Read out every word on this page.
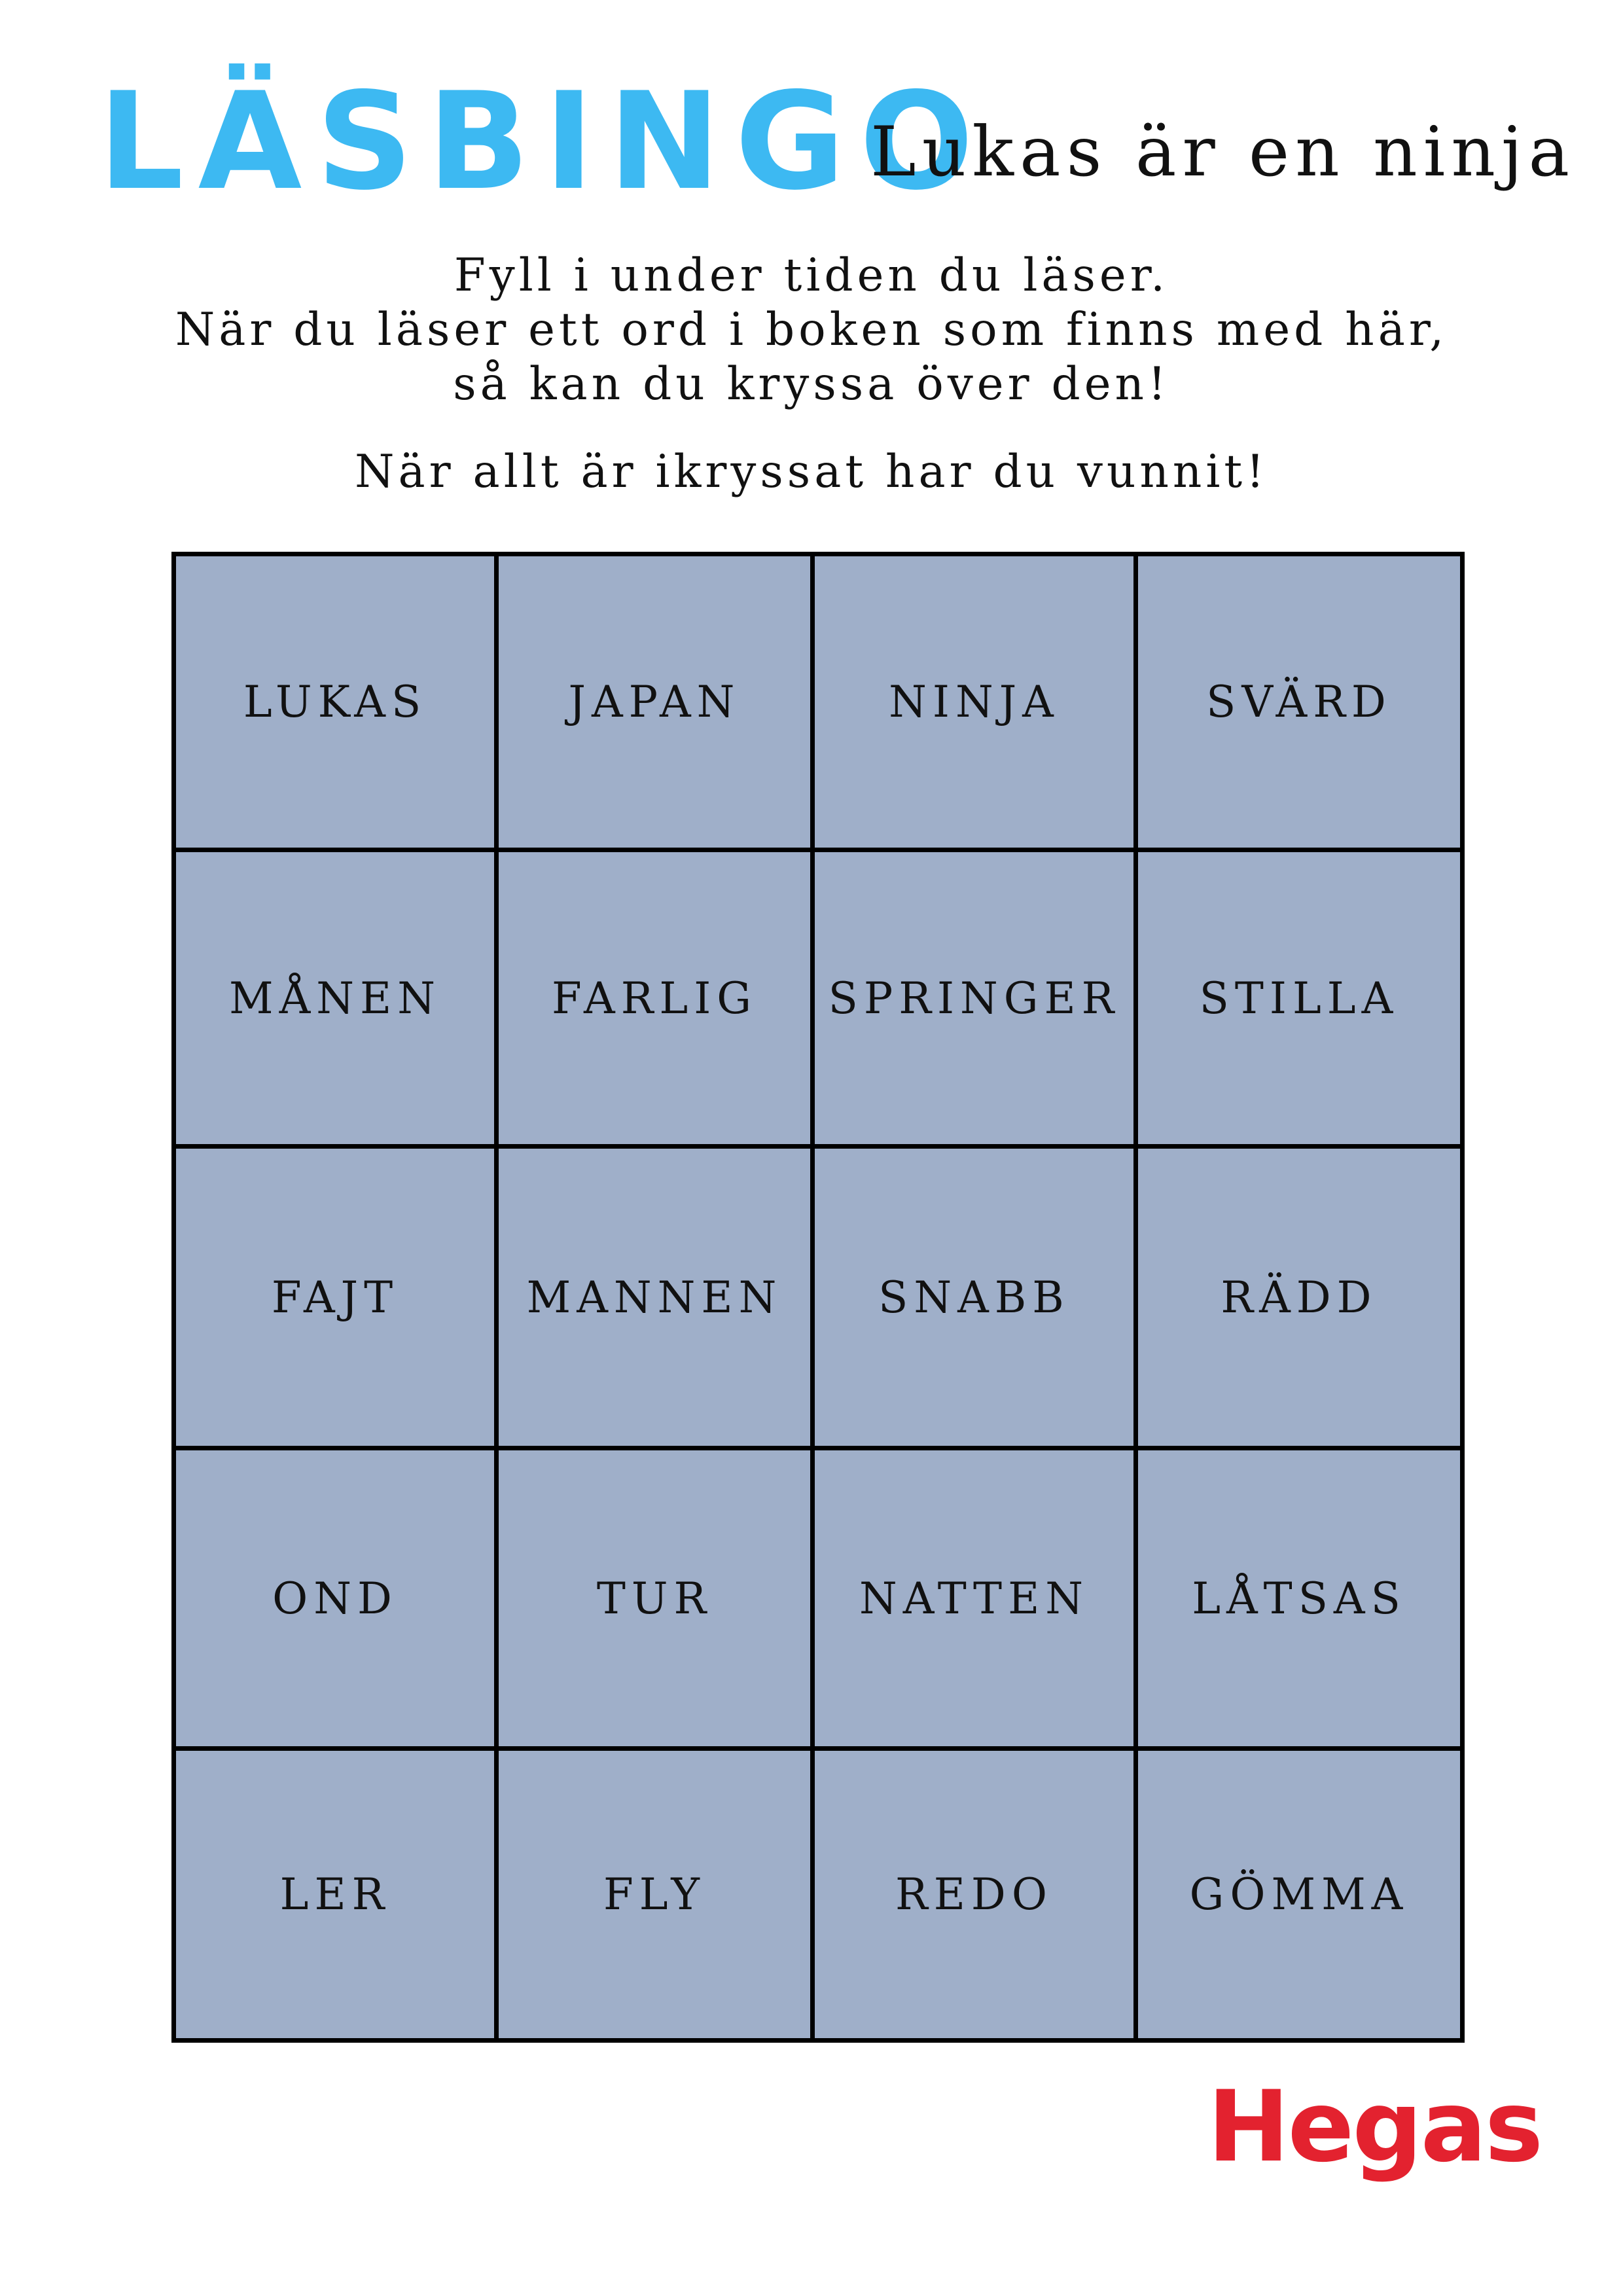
LÄSBINGO
Lukas är en ninja
Fyll i under tiden du läser.
När du läser ett ord i boken som finns med här,
så kan du kryssa över den!
När allt är ikryssat har du vunnit!
LUKAS	JAPAN	NINJA	SVÄRD
MÅNEN	FARLIG	SPRINGER	STILLA
FAJT	MANNEN	SNABB	RÄDD
OND	TUR	NATTEN	LÅTSAS
LER	FLY	REDO	GÖMMA
Hegas
